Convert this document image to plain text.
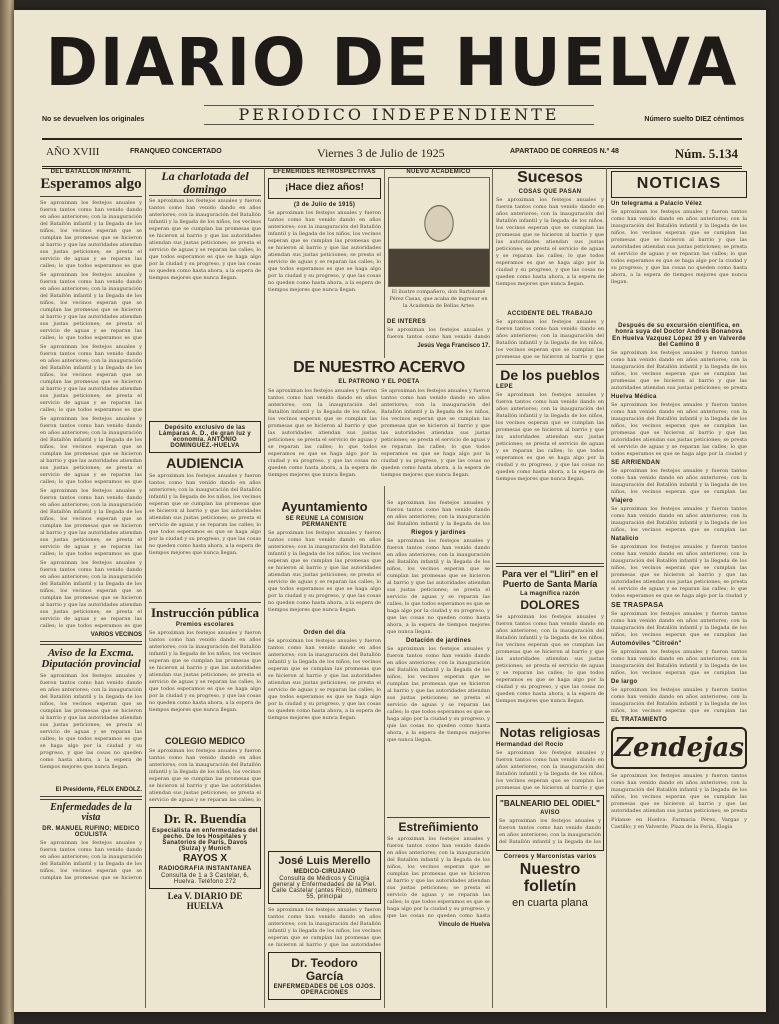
DIARIO DE HUELVA
PERIÓDICO INDEPENDIENTE
No se devuelven los originales	Número suelto DIEZ céntimos
AÑO XVIII	FRANQUEO CONCERTADO	Viernes 3 de Julio de 1925	APARTADO DE CORREOS N.º 48	Núm. 5.134
DEL BATALLON INFANTIL
Esperamos algo
Se aproximan los festejos anuales y fueron tantos como han venido dando en años anteriores; con la inauguración del Batallón infantil y la llegada de los niños, los vecinos esperan que se cumplan las promesas que se hicieron al barrio y que las autoridades atiendan sus justas peticiones; se presta el servicio de aguas y se reparan las calles; lo que todos esperamos es que
Se aproximan los festejos anuales y fueron tantos como han venido dando en años anteriores; con la inauguración del Batallón infantil y la llegada de los niños, los vecinos esperan que se cumplan las promesas que se hicieron al barrio y que las autoridades atiendan sus justas peticiones; se presta el servicio de aguas y se reparan las calles; lo que todos esperamos es que
Se aproximan los festejos anuales y fueron tantos como han venido dando en años anteriores; con la inauguración del Batallón infantil y la llegada de los niños, los vecinos esperan que se cumplan las promesas que se hicieron al barrio y que las autoridades atiendan sus justas peticiones; se presta el servicio de aguas y se reparan las calles; lo que todos esperamos es que
Se aproximan los festejos anuales y fueron tantos como han venido dando en años anteriores; con la inauguración del Batallón infantil y la llegada de los niños, los vecinos esperan que se cumplan las promesas que se hicieron al barrio y que las autoridades atiendan sus justas peticiones; se presta el servicio de aguas y se reparan las calles; lo que todos esperamos es que
Se aproximan los festejos anuales y fueron tantos como han venido dando en años anteriores; con la inauguración del Batallón infantil y la llegada de los niños, los vecinos esperan que se cumplan las promesas que se hicieron al barrio y que las autoridades atiendan sus justas peticiones; se presta el servicio de aguas y se reparan las calles; lo que todos esperamos es que
Se aproximan los festejos anuales y fueron tantos como han venido dando en años anteriores; con la inauguración del Batallón infantil y la llegada de los niños, los vecinos esperan que se cumplan las promesas que se hicieron al barrio y que las autoridades atiendan sus justas peticiones; se presta el servicio de aguas y se reparan las calles; lo que todos esperamos es que
VARIOS VECINOS
Aviso de la Excma. Diputación provincial
Se aproximan los festejos anuales y fueron tantos como han venido dando en años anteriores; con la inauguración del Batallón infantil y la llegada de los niños, los vecinos esperan que se cumplan las promesas que se hicieron al barrio y que las autoridades atiendan sus justas peticiones; se presta el servicio de aguas y se reparan las calles; lo que todos esperamos es que se haga algo por la ciudad y su progreso, y que las cosas no queden como hasta ahora, a la espera de tiempos mejores que nunca llegan.
El Presidente, FELIX ENDOLZ.
Enfermedades de la vista
DR. MANUEL RUFINO; MEDICO OCULISTA
Se aproximan los festejos anuales y fueron tantos como han venido dando en años anteriores; con la inauguración del Batallón infantil y la llegada de los niños, los vecinos esperan que se cumplan las promesas que se hicieron
La charlotada del domingo
Se aproximan los festejos anuales y fueron tantos como han venido dando en años anteriores; con la inauguración del Batallón infantil y la llegada de los niños, los vecinos esperan que se cumplan las promesas que se hicieron al barrio y que las autoridades atiendan sus justas peticiones; se presta el servicio de aguas y se reparan las calles; lo que todos esperamos es que se haga algo por la ciudad y su progreso, y que las cosas no queden como hasta ahora, a la espera de tiempos mejores que nunca llegan.
Depósito exclusivo de las Lámparas A. D., de gran luz y economía. ANTONIO DOMINGUEZ.-HUELVA
AUDIENCIA
Se aproximan los festejos anuales y fueron tantos como han venido dando en años anteriores; con la inauguración del Batallón infantil y la llegada de los niños, los vecinos esperan que se cumplan las promesas que se hicieron al barrio y que las autoridades atiendan sus justas peticiones; se presta el servicio de aguas y se reparan las calles; lo que todos esperamos es que se haga algo por la ciudad y su progreso, y que las cosas no queden como hasta ahora, a la espera de tiempos mejores que nunca llegan.
Instrucción pública
Premios escolares
Se aproximan los festejos anuales y fueron tantos como han venido dando en años anteriores; con la inauguración del Batallón infantil y la llegada de los niños, los vecinos esperan que se cumplan las promesas que se hicieron al barrio y que las autoridades atiendan sus justas peticiones; se presta el servicio de aguas y se reparan las calles; lo que todos esperamos es que se haga algo por la ciudad y su progreso, y que las cosas no queden como hasta ahora, a la espera de tiempos mejores que nunca llegan.
COLEGIO MEDICO
Se aproximan los festejos anuales y fueron tantos como han venido dando en años anteriores; con la inauguración del Batallón infantil y la llegada de los niños, los vecinos esperan que se cumplan las promesas que se hicieron al barrio y que las autoridades atiendan sus justas peticiones; se presta el servicio de aguas y se reparan las calles; lo
Dr. R. Buendía
Especialista en enfermedades del pecho. De los Hospitales y Sanatorios de París, Davos (Suiza) y Munich
RAYOS X
RADIOGRAFIA INSTANTANEA
Consulta de 1 a 3 Castelar, 6, Huelva. Teléfono 272
Lea V. DIARIO DE HUELVA
EFEMERIDES RETROSPECTIVAS
¡Hace diez años!
(3 de Julio de 1915)
Se aproximan los festejos anuales y fueron tantos como han venido dando en años anteriores; con la inauguración del Batallón infantil y la llegada de los niños, los vecinos esperan que se cumplan las promesas que se hicieron al barrio y que las autoridades atiendan sus justas peticiones; se presta el servicio de aguas y se reparan las calles; lo que todos esperamos es que se haga algo por la ciudad y su progreso, y que las cosas no queden como hasta ahora, a la espera de tiempos mejores que nunca llegan.
NUEVO ACADEMICO
El ilustre compañero, don Bartolomé Pérez Casas, que acaba de ingresar en la Academia de Bellas Artes
DE INTERES
Se aproximan los festejos anuales y fueron tantos como han venido dando
Jesús Vega Francisco 17.
DE NUESTRO ACERVO
EL PATRONO Y EL POETA
Se aproximan los festejos anuales y fueron tantos como han venido dando en años anteriores; con la inauguración del Batallón infantil y la llegada de los niños, los vecinos esperan que se cumplan las promesas que se hicieron al barrio y que las autoridades atiendan sus justas peticiones; se presta el servicio de aguas y se reparan las calles; lo que todos esperamos es que se haga algo por la ciudad y su progreso, y que las cosas no queden como hasta ahora, a la espera de tiempos mejores que nunca llegan.
Se aproximan los festejos anuales y fueron tantos como han venido dando en años anteriores; con la inauguración del Batallón infantil y la llegada de los niños, los vecinos esperan que se cumplan las promesas que se hicieron al barrio y que las autoridades atiendan sus justas peticiones; se presta el servicio de aguas y se reparan las calles; lo que todos esperamos es que se haga algo por la ciudad y su progreso, y que las cosas no queden como hasta ahora, a la espera de tiempos mejores que nunca llegan.
Ayuntamiento
SE REUNE LA COMISION PERMANENTE
Se aproximan los festejos anuales y fueron tantos como han venido dando en años anteriores; con la inauguración del Batallón infantil y la llegada de los niños, los vecinos esperan que se cumplan las promesas que se hicieron al barrio y que las autoridades atiendan sus justas peticiones; se presta el servicio de aguas y se reparan las calles; lo que todos esperamos es que se haga algo por la ciudad y su progreso, y que las cosas no queden como hasta ahora, a la espera de tiempos mejores que nunca llegan.
Orden del día
Se aproximan los festejos anuales y fueron tantos como han venido dando en años anteriores; con la inauguración del Batallón infantil y la llegada de los niños, los vecinos esperan que se cumplan las promesas que se hicieron al barrio y que las autoridades atiendan sus justas peticiones; se presta el servicio de aguas y se reparan las calles; lo que todos esperamos es que se haga algo por la ciudad y su progreso, y que las cosas no queden como hasta ahora, a la espera de tiempos mejores que nunca llegan.
José Luis Merello
MEDICO-CIRUJANO
Consulta de Médicos y Cirugía general y Enfermedades de la Piel. Calle Castelar (antes Rico), número 55, principal
Se aproximan los festejos anuales y fueron tantos como han venido dando en años anteriores; con la inauguración del Batallón infantil y la llegada de los niños, los vecinos esperan que se cumplan las promesas que se hicieron al barrio y que las autoridades
Dr. Teodoro García
ENFERMEDADES DE LOS OJOS. OPERACIONES
Se aproximan los festejos anuales y fueron tantos como han venido dando en años anteriores; con la inauguración del Batallón infantil y la llegada de los
Riegos y jardines
Se aproximan los festejos anuales y fueron tantos como han venido dando en años anteriores; con la inauguración del Batallón infantil y la llegada de los niños, los vecinos esperan que se cumplan las promesas que se hicieron al barrio y que las autoridades atiendan sus justas peticiones; se presta el servicio de aguas y se reparan las calles; lo que todos esperamos es que se haga algo por la ciudad y su progreso, y que las cosas no queden como hasta ahora, a la espera de tiempos mejores que nunca llegan.
Dotación de jardines
Se aproximan los festejos anuales y fueron tantos como han venido dando en años anteriores; con la inauguración del Batallón infantil y la llegada de los niños, los vecinos esperan que se cumplan las promesas que se hicieron al barrio y que las autoridades atiendan sus justas peticiones; se presta el servicio de aguas y se reparan las calles; lo que todos esperamos es que se haga algo por la ciudad y su progreso, y que las cosas no queden como hasta ahora, a la espera de tiempos mejores que nunca llegan.
Estreñimiento
Se aproximan los festejos anuales y fueron tantos como han venido dando en años anteriores; con la inauguración del Batallón infantil y la llegada de los niños, los vecinos esperan que se cumplan las promesas que se hicieron al barrio y que las autoridades atiendan sus justas peticiones; se presta el servicio de aguas y se reparan las calles; lo que todos esperamos es que se haga algo por la ciudad y su progreso, y que las cosas no queden como hasta
Vínculo de Huelva
Sucesos
COSAS QUE PASAN
Se aproximan los festejos anuales y fueron tantos como han venido dando en años anteriores; con la inauguración del Batallón infantil y la llegada de los niños, los vecinos esperan que se cumplan las promesas que se hicieron al barrio y que las autoridades atiendan sus justas peticiones; se presta el servicio de aguas y se reparan las calles; lo que todos esperamos es que se haga algo por la ciudad y su progreso, y que las cosas no queden como hasta ahora, a la espera de tiempos mejores que nunca llegan.
ACCIDENTE DEL TRABAJO
Se aproximan los festejos anuales y fueron tantos como han venido dando en años anteriores; con la inauguración del Batallón infantil y la llegada de los niños, los vecinos esperan que se cumplan las promesas que se hicieron al barrio y que
De los pueblos
LEPE
Se aproximan los festejos anuales y fueron tantos como han venido dando en años anteriores; con la inauguración del Batallón infantil y la llegada de los niños, los vecinos esperan que se cumplan las promesas que se hicieron al barrio y que las autoridades atiendan sus justas peticiones; se presta el servicio de aguas y se reparan las calles; lo que todos esperamos es que se haga algo por la ciudad y su progreso, y que las cosas no queden como hasta ahora, a la espera de tiempos mejores que nunca llegan.
Para ver el "Lliri" en el Puerto de Santa María
La magnífica razón
DOLORES
Se aproximan los festejos anuales y fueron tantos como han venido dando en años anteriores; con la inauguración del Batallón infantil y la llegada de los niños, los vecinos esperan que se cumplan las promesas que se hicieron al barrio y que las autoridades atiendan sus justas peticiones; se presta el servicio de aguas y se reparan las calles; lo que todos esperamos es que se haga algo por la ciudad y su progreso, y que las cosas no queden como hasta ahora, a la espera de tiempos mejores que nunca llegan.
Notas religiosas
Hermandad del Rocío
Se aproximan los festejos anuales y fueron tantos como han venido dando en años anteriores; con la inauguración del Batallón infantil y la llegada de los niños, los vecinos esperan que se cumplan las promesas que se hicieron al barrio y que
"BALNEARIO DEL ODIEL"
AVISO
Se aproximan los festejos anuales y fueron tantos como han venido dando en años anteriores; con la inauguración del Batallón infantil y la llegada de los
Correos y Marconistas varios
Nuestro folletín
en cuarta plana
NOTICIAS
Un telegrama a Palacio Vélez
Se aproximan los festejos anuales y fueron tantos como han venido dando en años anteriores; con la inauguración del Batallón infantil y la llegada de los niños, los vecinos esperan que se cumplan las promesas que se hicieron al barrio y que las autoridades atiendan sus justas peticiones; se presta el servicio de aguas y se reparan las calles; lo que todos esperamos es que se haga algo por la ciudad y su progreso, y que las cosas no queden como hasta ahora, a la espera de tiempos mejores que nunca llegan.
Después de su excursión cientifica, en honra suya del Doctor Andrés Bonanova
En Huelva Vazquez López 39 y en Valverde del Camino 8
Se aproximan los festejos anuales y fueron tantos como han venido dando en años anteriores; con la inauguración del Batallón infantil y la llegada de los niños, los vecinos esperan que se cumplan las promesas que se hicieron al barrio y que las autoridades atiendan sus justas peticiones; se presta
Huelva Médica
Se aproximan los festejos anuales y fueron tantos como han venido dando en años anteriores; con la inauguración del Batallón infantil y la llegada de los niños, los vecinos esperan que se cumplan las promesas que se hicieron al barrio y que las autoridades atiendan sus justas peticiones; se presta el servicio de aguas y se reparan las calles; lo que todos esperamos es que se haga algo por la ciudad y
SE ARRIENDAN
Se aproximan los festejos anuales y fueron tantos como han venido dando en años anteriores; con la inauguración del Batallón infantil y la llegada de los niños, los vecinos esperan que se cumplan las
Viajero
Se aproximan los festejos anuales y fueron tantos como han venido dando en años anteriores; con la inauguración del Batallón infantil y la llegada de los niños, los vecinos esperan que se cumplan las
Natalicio
Se aproximan los festejos anuales y fueron tantos como han venido dando en años anteriores; con la inauguración del Batallón infantil y la llegada de los niños, los vecinos esperan que se cumplan las promesas que se hicieron al barrio y que las autoridades atiendan sus justas peticiones; se presta el servicio de aguas y se reparan las calles; lo que todos esperamos es que se haga algo por la ciudad y
SE TRASPASA
Se aproximan los festejos anuales y fueron tantos como han venido dando en años anteriores; con la inauguración del Batallón infantil y la llegada de los niños, los vecinos esperan que se cumplan las
Automóviles "Citroën"
Se aproximan los festejos anuales y fueron tantos como han venido dando en años anteriores; con la inauguración del Batallón infantil y la llegada de los niños, los vecinos esperan que se cumplan las
De largo
Se aproximan los festejos anuales y fueron tantos como han venido dando en años anteriores; con la inauguración del Batallón infantil y la llegada de los niños, los vecinos esperan que se cumplan las
EL TRATAMIENTO
Zendejas
Se aproximan los festejos anuales y fueron tantos como han venido dando en años anteriores; con la inauguración del Batallón infantil y la llegada de los niños, los vecinos esperan que se cumplan las promesas que se hicieron al barrio y que las autoridades atiendan sus justas peticiones; se presta
Pídanse en Huelva: Farmacia Pérez, Vargas y Castillo; y en Valverde, Plaza de la Feria, Elogia
